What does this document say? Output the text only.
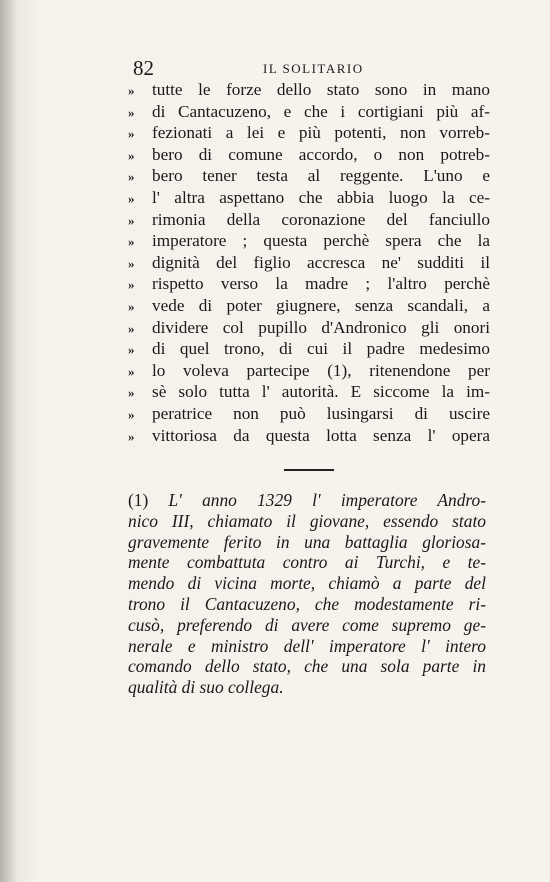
82	IL SOLITARIO
»	tutte le forze dello stato sono in mano
»	di Cantacuzeno, e che i cortigiani più af-
»	fezionati a lei e più potenti, non vorreb-
»	bero di comune accordo, o non potreb-
»	bero tener testa al reggente. L'uno e
»	l' altra aspettano che abbia luogo la ce-
»	rimonia della coronazione del fanciullo
»	imperatore ; questa perchè spera che la
»	dignità del figlio accresca ne' sudditi il
»	rispetto verso la madre ; l'altro perchè
»	vede di poter giugnere, senza scandali, a
»	dividere col pupillo d'Andronico gli onori
»	di quel trono, di cui il padre medesimo
»	lo voleva partecipe (1), ritenendone per
»	sè solo tutta l' autorità. E siccome la im-
»	peratrice non può lusingarsi di uscire
»	vittoriosa da questa lotta senza l' opera
(1) L' anno 1329 l' imperatore Andro-
nico III, chiamato il giovane, essendo stato
gravemente ferito in una battaglia gloriosa-
mente combattuta contro ai Turchi, e te-
mendo di vicina morte, chiamò a parte del
trono il Cantacuzeno, che modestamente ri-
cusò, preferendo di avere come supremo ge-
nerale e ministro dell' imperatore l' intero
comando dello stato, che una sola parte in
qualità di suo collega.
